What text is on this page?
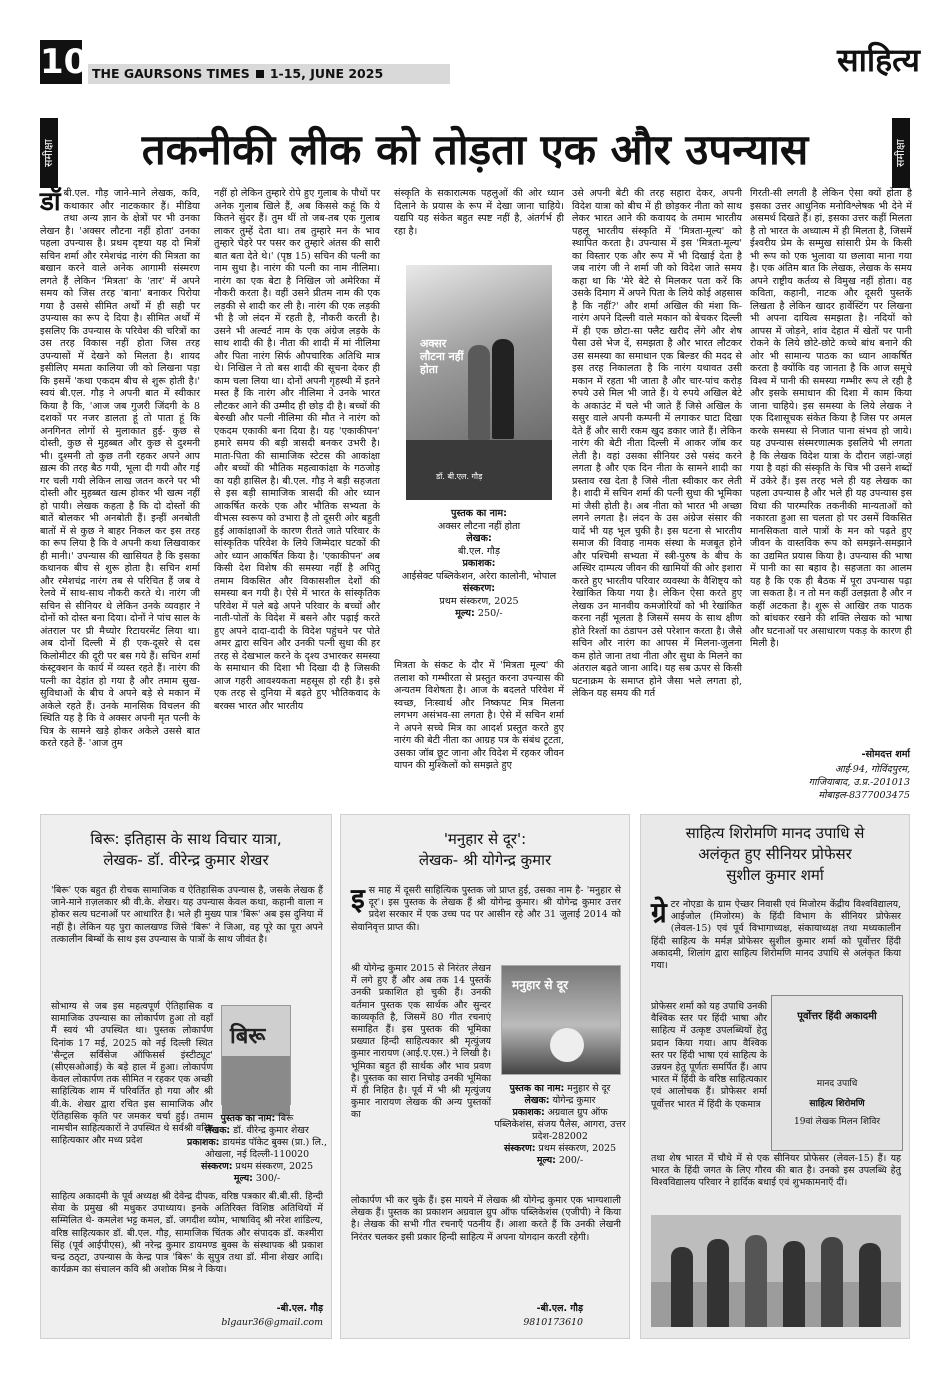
10 THE GAURSONS TIMES 1-15, JUNE 2025	साहित्य
समीक्षा	समीक्षा
तकनीकी लीक को तोड़ता एक और उपन्यास
डॉ बी.एल. गौड़ जाने-माने लेखक, कवि, कथाकार और नाटककार हैं। मीडिया तथा अन्य ज्ञान के क्षेत्रों पर भी उनका लेखन है। 'अक्सर लौटना नहीं होता' उनका पहला उपन्यास है। प्रथम दृष्टया यह दो मित्रों सचिन शर्मा और रमेशचंद्र नारंग की मित्रता का बखान करने वाले अनेक आगामी संस्मरण लगते हैं लेकिन 'मित्रता' के 'तार' में अपने समय को जिस तरह 'बाना' बनाकर पिरोया गया है उससे सीमित अर्थों में ही सही पर उपन्यास का रूप दे दिया है। सीमित अर्थों में इसलिए कि उपन्यास के परिवेश की चरित्रों का उस तरह विकास नहीं होता जिस तरह उपन्यासों में देखने को मिलता है। शायद इसीलिए ममता कालिया जी को लिखना पड़ा कि इसमें 'कथा एकदम बीच से शुरू होती है।' स्वयं बी.एल. गौड़ ने अपनी बात में स्वीकार किया है कि, 'आज जब गुजरी जिंदगी के 8 दशकों पर नजर डालता हूं तो पाता हूं कि अनगिनत लोगों से मुलाकात हुई- कुछ से दोस्ती, कुछ से मुहब्बत और कुछ से दुश्मनी भी। दुश्मनी तो कुछ तनी रहकर अपने आप ख़त्म की तरह बैठ गयी, भूला दी गयी और गई गर चली गयी लेकिन लाख जतन करने पर भी दोस्ती और मुहब्बत खत्म होकर भी खत्म नहीं हो पायी। लेखक कहता है कि दो दोस्तों की बातें बोलकर भी अनबोती हैं। इन्हीं अनबोती बातों में से कुछ ने बाहर निकल कर इस तरह का रूप लिया है कि वे अपनी कथा लिखवाकर ही मानी।' उपन्यास की खासियत है कि इसका कथानक बीच से शुरू होता है। सचिन शर्मा और रमेशचंद्र नारंग तब से परिचित हैं जब वे रेलवे में साथ-साथ नौकरी करते थे। नारंग जी सचिन से सीनियर थे लेकिन उनके व्यवहार ने दोनों को दोस्त बना दिया। दोनों ने पांच साल के अंतराल पर प्री मैच्योर रिटायरमेंट लिया था। अब दोनों दिल्ली में ही एक-दूसरे से दस किलोमीटर की दूरी पर बस गये हैं। सचिन शर्मा कंस्ट्रक्शन के कार्य में व्यस्त रहते हैं। नारंग की पत्नी का देहांत हो गया है और तमाम सुख-सुविधाओं के बीच वे अपने बड़े से मकान में अकेले रहते हैं। उनके मानसिक विचलन की स्थिति यह है कि वे अक्सर अपनी मृत पत्नी के चित्र के सामने खड़े होकर अकेले उससे बात करते रहते हैं- 'आज तुम
नहीं हो लेकिन तुम्हारे रोपे हुए गुलाब के पौधों पर अनेक गुलाब खिले हैं, अब किससे कहूं कि ये कितने सुंदर हैं। तुम थीं तो जब-तब एक गुलाब लाकर तुम्हें देता था। तब तुम्हारे मन के भाव तुम्हारे चेहरे पर पसर कर तुम्हारे अंतस की सारी बात बता देते थे।' (पृष्ठ 15) सचिन की पत्नी का नाम सुधा है। नारंग की पत्नी का नाम नीलिमा। नारंग का एक बेटा है निखिल जो अमेरिका में नौकरी करता है। वहीं उसने प्रीतम नाम की एक लड़की से शादी कर ली है। नारंग की एक लड़की भी है जो लंदन में रहती है, नौकरी करती है। उसने भी अल्वर्ट नाम के एक अंग्रेज लड़के के साथ शादी की है। नीता की शादी में मां नीलिमा और पिता नारंग सिर्फ औपचारिक अतिथि मात्र थे। निखिल ने तो बस शादी की सूचना देकर ही काम चला लिया था। दोनों अपनी गृहस्थी में इतने मस्त हैं कि नारंग और नीलिमा ने उनके भारत लौटकर आने की उम्मीद ही छोड़ दी है। बच्चों की बेरुखी और पत्नी नीलिमा की मौत ने नारंग को एकदम एकाकी बना दिया है। यह 'एकाकीपन' हमारे समय की बड़ी त्रासदी बनकर उभरी है। माता-पिता की सामाजिक स्टेटस की आकांक्षा और बच्चों की भौतिक महत्वाकांक्षा के गठजोड़ का यही हासिल है। बी.एल. गौड़ ने बड़ी सहजता से इस बड़ी सामाजिक त्रासदी की ओर ध्यान आकर्षित करके एक और भौतिक सभ्यता के वीभत्स स्वरूप को उभारा है तो दूसरी ओर बहुती हुई आकांक्षाओं के कारण रीतते जाते परिवार के सांस्कृतिक परिवेश के लिये जिम्मेदार घटकों की ओर ध्यान आकर्षित किया है। 'एकाकीपन' अब किसी देश विशेष की समस्या नहीं है अपितु तमाम विकसित और विकासशील देशों की समस्या बन गयी है। ऐसे में भारत के सांस्कृतिक परिवेश में पले बढ़े अपने परिवार के बच्चों और नाती-पोतों के विदेश में बसने और पढ़ाई करते हुए अपने दादा-दादी के विदेश पहुंचने पर पोते अमर द्वारा सचिन और उनकी पत्नी सुधा की हर तरह से देखभाल करने के दृश्य उभारकर समस्या के समाधान की दिशा भी दिखा दी है जिसकी आज गहरी आवश्यकता महसूस हो रही है। इसे एक तरह से दुनिया में बढ़ते हुए भौतिकवाद के बरक्स भारत और भारतीय
संस्कृति के सकारात्मक पहलुओं की ओर ध्यान दिलाने के प्रयास के रूप में देखा जाना चाहिये। यद्यपि यह संकेत बहुत स्पष्ट नहीं है, अंतर्गर्भ ही रहा है।
अक्सर लौटना नहीं होता
डॉ. बी.एल. गौड़
पुस्तक का नाम:
अक्सर लौटना नहीं होता
लेखक:
बी.एल. गौड़
प्रकाशक:
आईसेक्ट पब्लिकेशन, अरेरा कालोनी, भोपाल
संस्करण:
प्रथम संस्करण, 2025
मूल्य: 250/-
मित्रता के संकट के दौर में 'मित्रता मूल्य' की तलाश को गम्भीरता से प्रस्तुत करना उपन्यास की अन्यतम विशेषता है। आज के बदलते परिवेश में स्वच्छ, निःस्वार्थ और निष्कपट मित्र मिलना लगभग असंभव-सा लगता है। ऐसे में सचिन शर्मा ने अपने सच्चे मित्र का आदर्श प्रस्तुत करते हुए नारंग की बेटी नीता का आग्रह पत्र के संबंध टूटता, उसका जॉब छूट जाना और विदेश में रहकर जीवन यापन की मुश्किलों को समझते हुए
उसे अपनी बेटी की तरह सहारा देकर, अपनी विदेश यात्रा को बीच में ही छोड़कर नीता को साथ लेकर भारत आने की कवायद के तमाम भारतीय पहलू भारतीय संस्कृति में 'मित्रता-मूल्य' को स्थापित करता है। उपन्यास में इस 'मित्रता-मूल्य' का विस्तार एक और रूप में भी दिखाई देता है जब नारंग जी ने शर्मा जी को विदेश जाते समय कहा था कि 'मेरे बेटे से मिलकर पता करें कि उसके दिमाग में अपने पिता के लिये कोई अहसास है कि नहीं?' और शर्मा अखिल की मंशा कि- नारंग अपने दिल्ली वाले मकान को बेचकर दिल्ली में ही एक छोटा-सा फ्लैट खरीद लेंगे और शेष पैसा उसे भेज दें, समझता है और भारत लौटकर उस समस्या का समाधान एक बिल्डर की मदद से इस तरह निकालता है कि नारंग यथावत उसी मकान में रहता भी जाता है और चार-पांच करोड़ रुपये उसे मिल भी जाते हैं। ये रुपये अखिल बेटे के अकाउंट में चले भी जाते हैं जिसे अखिल के ससुर वाले अपनी कम्पनी में लगाकर घाटा दिखा देते हैं और सारी रकम खुद डकार जाते हैं। लेकिन नारंग की बेटी नीता दिल्ली में आकर जॉब कर लेती है। वहां उसका सीनियर उसे पसंद करने लगता है और एक दिन नीता के सामने शादी का प्रस्ताव रख देता है जिसे नीता स्वीकार कर लेती है। शादी में सचिन शर्मा की पत्नी सुधा की भूमिका मां जैसी होती है। अब नीता को भारत भी अच्छा लगने लगता है। लंदन के उस अंग्रेज संसार की यादें भी यह भूल चुकी है। इस घटना से भारतीय समाज की विवाह नामक संस्था के मजबूत होने और पश्चिमी सभ्यता में स्त्री-पुरुष के बीच के अस्थिर दाम्पत्य जीवन की खामियों की ओर इशारा करते हुए भारतीय परिवार व्यवस्था के वैशिष्ट्य को रेखांकित किया गया है। लेकिन ऐसा करते हुए लेखक उन मानवीय कमजोरियों को भी रेखांकित करना नहीं भूलता है जिसमें समय के साथ क्षीण होते रिश्तों का ठंडापन उसे परेशान करता है। जैसे सचिन और नारंग का आपस में मिलना-जुलना कम होते जाना तथा नीता और सुधा के मिलने का अंतराल बढ़ते जाना आदि। यह सब ऊपर से किसी घटनाक्रम के समाप्त होने जैसा भले लगता हो, लेकिन यह समय की गर्त
गिरती-सी लगती है लेकिन ऐसा क्यों होता है इसका उत्तर आधुनिक मनोविश्लेषक भी देने में असमर्थ दिखते हैं। हां, इसका उत्तर कहीं मिलता है तो भारत के अध्यात्म में ही मिलता है, जिसमें ईश्वरीय प्रेम के सम्मुख सांसारी प्रेम के किसी भी रूप को एक भुलावा या छलावा माना गया है। एक अंतिम बात कि लेखक, लेखक के समय अपने राष्ट्रीय कर्तव्य से विमुख नहीं होता। वह कविता, कहानी, नाटक और दूसरी पुस्तकें लिखता है लेकिन खादर हार्वेस्टिंग पर लिखना भी अपना दायित्व समझता है। नदियों को आपस में जोड़ने, शांव देहात में खेतों पर पानी रोकने के लिये छोटे-छोटे कच्चे बांध बनाने की ओर भी सामान्य पाठक का ध्यान आकर्षित करता है क्योंकि वह जानता है कि आज समूचे विश्व में पानी की समस्या गम्भीर रूप ले रही है और इसके समाधान की दिशा में काम किया जाना चाहिये। इस समस्या के लिये लेखक ने एक दिशासूचक संकेत किया है जिस पर अमल करके समस्या से निजात पाना संभव हो जाये। यह उपन्यास संस्मरणात्मक इसलिये भी लगता है कि लेखक विदेश यात्रा के दौरान जहां-जहां गया है वहां की संस्कृति के चित्र भी उसने शब्दों में उकेरे हैं। इस तरह भले ही यह लेखक का पहला उपन्यास है और भले ही यह उपन्यास इस विधा की पारम्परिक तकनीकी मान्यताओं को नकारता हुआ सा चलता हो पर उसमें विकसित मानसिकता वाले पात्रों के मन को पढ़ते हुए जीवन के वास्तविक रूप को समझने-समझाने का उद्यमित प्रयास किया है। उपन्यास की भाषा में पानी का सा बहाव है। सहजता का आलम यह है कि एक ही बैठक में पूरा उपन्यास पढ़ा जा सकता है। न तो मन कहीं उलझता है और न कहीं अटकता है। शुरू से आखिर तक पाठक को बांधकर रखने की शक्ति लेखक को भाषा और घटनाओं पर असाधारण पकड़ के कारण ही मिली है।
-सोमदत्त शर्मा
आई-94, गोविंदपुरम,
गाजियाबाद, उ.प्र.-201013
मोबाइल-8377003475
बिरू: इतिहास के साथ विचार यात्रा,
लेखक- डॉ. वीरेन्द्र कुमार शेखर
'बिरू' एक बहुत ही रोचक सामाजिक व ऐतिहासिक उपन्यास है, जसके लेखक हैं जाने-माने ग़ज़लकार श्री वी.के. शेखर। यह उपन्यास केवल कथा, कहानी वाला न होकर सत्य घटनाओं पर आधारित है। भले ही मुख्य पात्र 'बिरू' अब इस दुनिया में नहीं है। लेकिन यह पुरा कालखण्ड जिसे 'बिरू' ने जिआ, वह पूरे का पूरा अपने तत्कालीन बिम्बों के साथ इस उपन्यास के पात्रों के साथ जीवंत है।
सोभाग्य से जब इस महत्वपूर्ण ऐतिहासिक व सामाजिक उपन्यास का लोकार्पण हुआ तो वहाँ मैं स्वयं भी उपस्थित था। पुस्तक लोकार्पण दिनांक 17 मई, 2025 को नई दिल्ली स्थित 'सैन्ट्रल सर्विसेज ऑफिसर्स इंस्टीट्यूट' (सीएसओआई) के बड़े हाल में हुआ। लोकार्पण केवल लोकार्पण तक सीमित न रहकर एक अच्छी साहित्यिक शाम में परिवर्तित हो गया और श्री वी.के. शेखर द्वारा रचित इस सामाजिक और ऐतिहासिक कृति पर जमकर चर्चा हुई। तमाम नामचीन साहित्यकारों ने उपस्थित थे सर्वश्री वरिष्ठ साहित्यकार और मध्य प्रदेश
बिरू
पुस्तक का नाम: बिरू
लेखक: डॉ. वीरेन्द्र कुमार शेखर
प्रकाशक: डायमंड पॉकेट बुक्स (प्रा.) लि., ओखला, नई दिल्ली-110020
संस्करण: प्रथम संस्करण, 2025
मूल्य: 300/-
साहित्य अकादमी के पूर्व अध्यक्ष श्री देवेन्द्र दीपक, वरिष्ठ पत्रकार बी.बी.सी. हिन्दी सेवा के प्रमुख श्री मधुकर उपाध्याय। इनके अतिरिक्त विशिष्ठ अतिथियों में सम्मिलित थे- कमलेश भट्ट कमल, डॉ. जगदीश व्योम, भाषाविद् श्री नरेश शांडिल्य, वरिष्ठ साहित्यकार डॉ. बी.एल. गौड़, सामाजिक चिंतक और संपादक डॉ. कश्मीरा सिंह (पूर्व आईपीएस), श्री नरेन्द्र कुमार डायमण्ड बुक्स के संस्थापक श्री प्रकाश चन्द्र ठठ्टा, उपन्यास के केन्द्र पात्र 'बिरू' के सुपुत्र तथा डॉ. मीना शेखर आदि। कार्यक्रम का संचालन कवि श्री अशोक मिश्र ने किया।
-बी.एल. गौड़
blgaur36@gmail.com
'मनुहार से दूर':
लेखक- श्री योगेन्द्र कुमार
इस माह में दूसरी साहित्यिक पुस्तक जो प्राप्त हुई, उसका नाम है- 'मनुहार से दूर'। इस पुस्तक के लेखक हैं श्री योगेन्द्र कुमार। श्री योगेन्द्र कुमार उत्तर प्रदेश सरकार में एक उच्च पद पर आसीन रहे और 31 जुलाई 2014 को सेवानिवृत्त प्राप्त की।
श्री योगेन्द्र कुमार 2015 से निरंतर लेखन में लगे हुए हैं और अब तक 14 पुस्तकें उनकी प्रकाशित हो चुकी हैं। उनकी वर्तमान पुस्तक एक सार्थक और सुन्दर काव्यकृति है, जिसमें 80 गीत रचनाएं समाहित हैं। इस पुस्तक की भूमिका प्रख्यात हिन्दी साहित्यकार श्री मृत्युंजय कुमार नारायण (आई.ए.एस.) ने लिखी है। भूमिका बहुत ही सार्थक और भाव प्रवण है। पुस्तक का सारा निचोड़ उनकी भूमिका में ही निहित है। पूर्व में भी श्री मृत्युंजय कुमार नारायण लेखक की अन्य पुस्तकों का
मनुहार से दूर
पुस्तक का नाम: मनुहार से दूर
लेखक: योगेन्द्र कुमार
प्रकाशक: अग्रवाल ग्रुप ऑफ पब्लिकेशंस, संजय पैलेस, आगरा, उत्तर प्रदेश-282002
संस्करण: प्रथम संस्करण, 2025
मूल्य: 200/-
लोकार्पण भी कर चुके हैं। इस मायने में लेखक श्री योगेन्द्र कुमार एक भाग्यशाली लेखक हैं। पुस्तक का प्रकाशन अग्रवाल ग्रुप ऑफ पब्लिकेशंस (एजीपी) ने किया है। लेखक की सभी गीत रचनाएँ पठनीय हैं। आशा करते हैं कि उनकी लेखनी निरंतर चलकर इसी प्रकार हिन्दी साहित्य में अपना योगदान करती रहेगी।
-बी.एल. गौड़
9810173610
साहित्य शिरोमणि मानद उपाधि से
अलंकृत हुए सीनियर प्रोफेसर
सुशील कुमार शर्मा
ग्रे टर नोएडा के ग्राम ऐच्छर निवासी एवं मिजोरम केंद्रीय विश्वविद्यालय, आईजोल (मिजोरम) के हिंदी विभाग के सीनियर प्रोफेसर (लेवल-15) एवं पूर्व विभागाध्यक्ष, संकायाध्यक्ष तथा मध्यकालीन हिंदी साहित्य के मर्मज्ञ प्रोफेसर सुशील कुमार शर्मा को पूर्वोत्तर हिंदी अकादमी, शिलांग द्वारा साहित्य शिरोमणि मानद उपाधि से अलंकृत किया गया।
प्रोफेसर शर्मा को यह उपाधि उनकी वैश्विक स्तर पर हिंदी भाषा और साहित्य में उत्कृष्ट उपलब्धियों हेतु प्रदान किया गया। आप वैश्विक स्तर पर हिंदी भाषा एवं साहित्य के उन्नयन हेतु पूर्णतः समर्पित हैं। आप भारत में हिंदी के वरिष्ठ साहित्यकार एवं आलोचक हैं। प्रोफेसर शर्मा पूर्वोत्तर भारत में हिंदी के एकमात्र
पूर्वोत्तर हिंदी अकादमी
मानद उपाधि
साहित्य शिरोमणि
19वां लेखक मिलन शिविर
तथा शेष भारत में चौथे में से एक सीनियर प्रोफेसर (लेवल-15) हैं। यह भारत के हिंदी जगत के लिए गौरव की बात है। उनको इस उपलब्धि हेतु विश्वविद्यालय परिवार ने हार्दिक बधाई एवं शुभकामनाएँ दीं।
